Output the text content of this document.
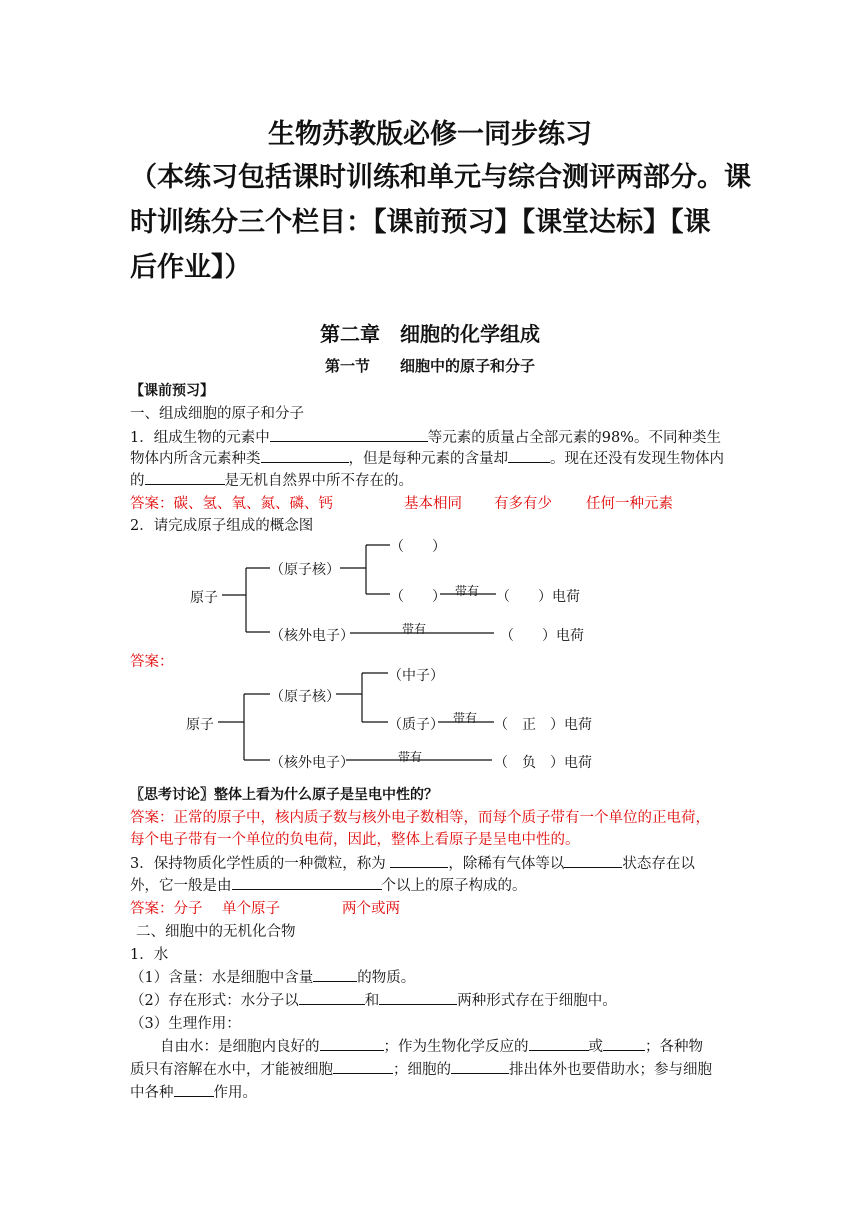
生物苏教版必修一同步练习
（本练习包括课时训练和单元与综合测评两部分。课
时训练分三个栏目：【课前预习】【课堂达标】【课
后作业】）
第二章　细胞的化学组成
第一节　　细胞中的原子和分子
【课前预习】
一、组成细胞的原子和分子
1．组成生物的元素中	等元素的质量占全部元素的98%。不同种类生
物体内所含元素种类	，但是每种元素的含量却	。现在还没有发现生物体内
的	是无机自然界中所不存在的。
答案：碳、氢、氧、氮、磷、钙	基本相同 有多有少 任何一种元素
2．请完成原子组成的概念图
原子
（原子核）
（　　）
（　　） 带有 （　　）电荷
（核外电子）	带有	（　　）电荷
答案：
原子
（原子核）
（中子）
（质子） 带有 （　正　）电荷
（核外电子）	带有	（　负　）电荷
〖思考讨论〗整体上看为什么原子是呈电中性的？
答案：正常的原子中，核内质子数与核外电子数相等，而每个质子带有一个单位的正电荷，
每个电子带有一个单位的负电荷，因此，整体上看原子是呈电中性的。
3．保持物质化学性质的一种微粒，称为	，除稀有气体等以	状态存在以
外，它一般是由	个以上的原子构成的。
答案：分子 单个原子	两个或两
二、细胞中的无机化合物
1．水
（1）含量：水是细胞中含量	的物质。
（2）存在形式：水分子以	和	两种形式存在于细胞中。
（3）生理作用：
自由水：是细胞内良好的	；作为生物化学反应的	或	；各种物
质只有溶解在水中，才能被细胞	；细胞的	排出体外也要借助水；参与细胞
中各种	作用。
